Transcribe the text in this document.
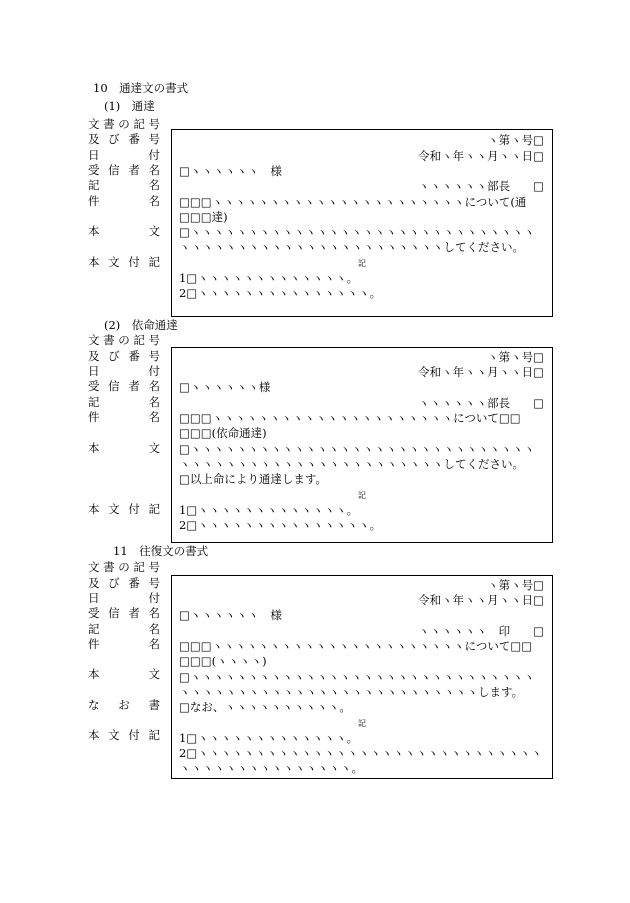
10　通達文の書式
(1)　通達
文書の記号
及び番号
日付
受信者名
記名
件名
本文
本文付記
ヽ第ヽ号□
令和ヽ年ヽヽ月ヽヽ日□
□ヽヽヽヽヽヽ　様
ヽヽヽヽヽヽ部長　　□
□□□ヽヽヽヽヽヽヽヽヽヽヽヽヽヽヽヽヽヽヽヽヽヽについて(通
□□□達)
□ヽヽヽヽヽヽヽヽヽヽヽヽヽヽヽヽヽヽヽヽヽヽヽヽヽヽヽヽヽヽ
ヽヽヽヽヽヽヽヽヽヽヽヽヽヽヽヽヽヽヽヽヽヽヽしてください。
記
1□ヽヽヽヽヽヽヽヽヽヽヽヽヽ。
2□ヽヽヽヽヽヽヽヽヽヽヽヽヽヽヽ。
(2)　依命通達
文書の記号
及び番号
日付
受信者名
記名
件名
本文
本文付記
ヽ第ヽ号□
令和ヽ年ヽヽ月ヽヽ日□
□ヽヽヽヽヽヽ様
ヽヽヽヽヽヽ部長　　□
□□□ヽヽヽヽヽヽヽヽヽヽヽヽヽヽヽヽヽヽヽヽヽについて□□
□□□(依命通達)
□ヽヽヽヽヽヽヽヽヽヽヽヽヽヽヽヽヽヽヽヽヽヽヽヽヽヽヽヽヽヽ
ヽヽヽヽヽヽヽヽヽヽヽヽヽヽヽヽヽヽヽヽヽヽヽしてください。
□以上命により通達します。
記
1□ヽヽヽヽヽヽヽヽヽヽヽヽヽ。
2□ヽヽヽヽヽヽヽヽヽヽヽヽヽヽヽ。
11　往復文の書式
文書の記号
及び番号
日付
受信者名
記名
件名
本文
なお書
本文付記
ヽ第ヽ号□
令和ヽ年ヽヽ月ヽヽ日□
□ヽヽヽヽヽヽ　様
ヽヽヽヽヽヽ　印　　□
□□□ヽヽヽヽヽヽヽヽヽヽヽヽヽヽヽヽヽヽヽヽヽヽについて□□
□□□(ヽヽヽヽ)
□ヽヽヽヽヽヽヽヽヽヽヽヽヽヽヽヽヽヽヽヽヽヽヽヽヽヽヽヽヽヽ
ヽヽヽヽヽヽヽヽヽヽヽヽヽヽヽヽヽヽヽヽヽヽヽヽヽヽします。
□なお、ヽヽヽヽヽヽヽヽヽヽ。
記
1□ヽヽヽヽヽヽヽヽヽヽヽヽヽ。
2□ヽヽヽヽヽヽヽヽヽヽヽヽヽヽヽヽヽヽヽヽヽヽヽヽヽヽヽヽヽヽ
ヽヽヽヽヽヽヽヽヽヽヽヽヽヽヽ。
